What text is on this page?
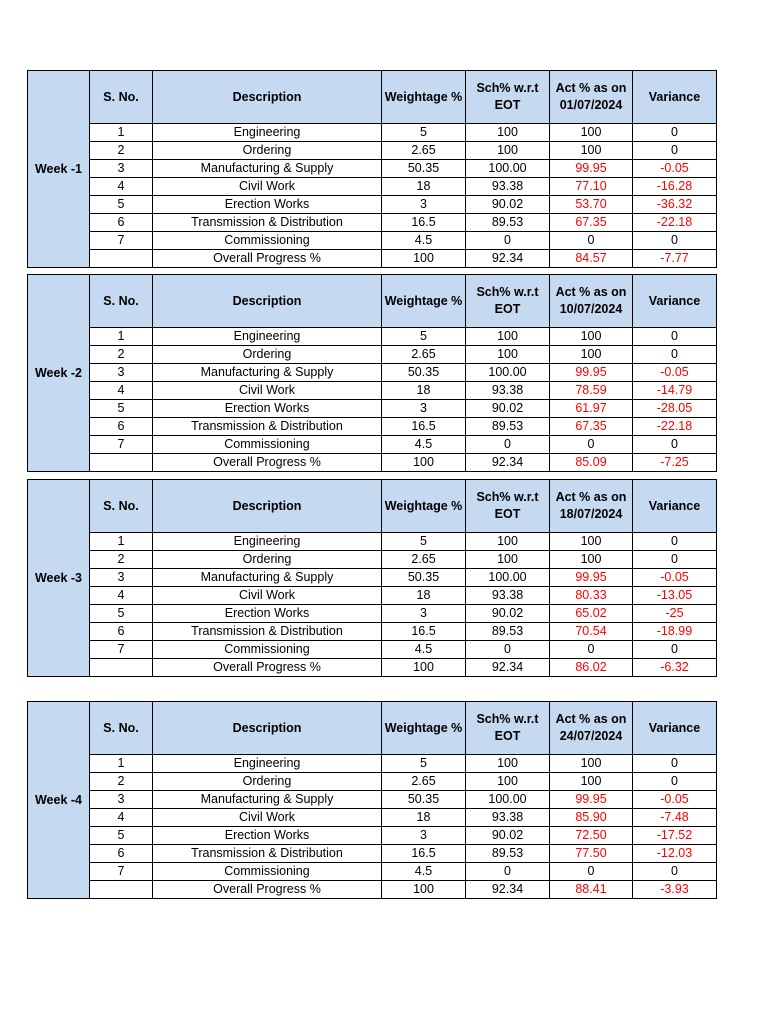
Week -1	S. No.	Description	Weightage %	Sch% w.r.t EOT	Act % as on 01/07/2024	Variance
	1	Engineering	5	100	100	0
	2	Ordering	2.65	100	100	0
	3	Manufacturing & Supply	50.35	100.00	99.95	-0.05
	4	Civil Work	18	93.38	77.10	-16.28
	5	Erection Works	3	90.02	53.70	-36.32
	6	Transmission & Distribution	16.5	89.53	67.35	-22.18
	7	Commissioning	4.5	0	0	0
		Overall Progress %	100	92.34	84.57	-7.77
Week -2	S. No.	Description	Weightage %	Sch% w.r.t EOT	Act % as on 10/07/2024	Variance
	1	Engineering	5	100	100	0
	2	Ordering	2.65	100	100	0
	3	Manufacturing & Supply	50.35	100.00	99.95	-0.05
	4	Civil Work	18	93.38	78.59	-14.79
	5	Erection Works	3	90.02	61.97	-28.05
	6	Transmission & Distribution	16.5	89.53	67.35	-22.18
	7	Commissioning	4.5	0	0	0
		Overall Progress %	100	92.34	85.09	-7.25
Week -3	S. No.	Description	Weightage %	Sch% w.r.t EOT	Act % as on 18/07/2024	Variance
	1	Engineering	5	100	100	0
	2	Ordering	2.65	100	100	0
	3	Manufacturing & Supply	50.35	100.00	99.95	-0.05
	4	Civil Work	18	93.38	80.33	-13.05
	5	Erection Works	3	90.02	65.02	-25
	6	Transmission & Distribution	16.5	89.53	70.54	-18.99
	7	Commissioning	4.5	0	0	0
		Overall Progress %	100	92.34	86.02	-6.32
Week -4	S. No.	Description	Weightage %	Sch% w.r.t EOT	Act % as on 24/07/2024	Variance
	1	Engineering	5	100	100	0
	2	Ordering	2.65	100	100	0
	3	Manufacturing & Supply	50.35	100.00	99.95	-0.05
	4	Civil Work	18	93.38	85.90	-7.48
	5	Erection Works	3	90.02	72.50	-17.52
	6	Transmission & Distribution	16.5	89.53	77.50	-12.03
	7	Commissioning	4.5	0	0	0
		Overall Progress %	100	92.34	88.41	-3.93
